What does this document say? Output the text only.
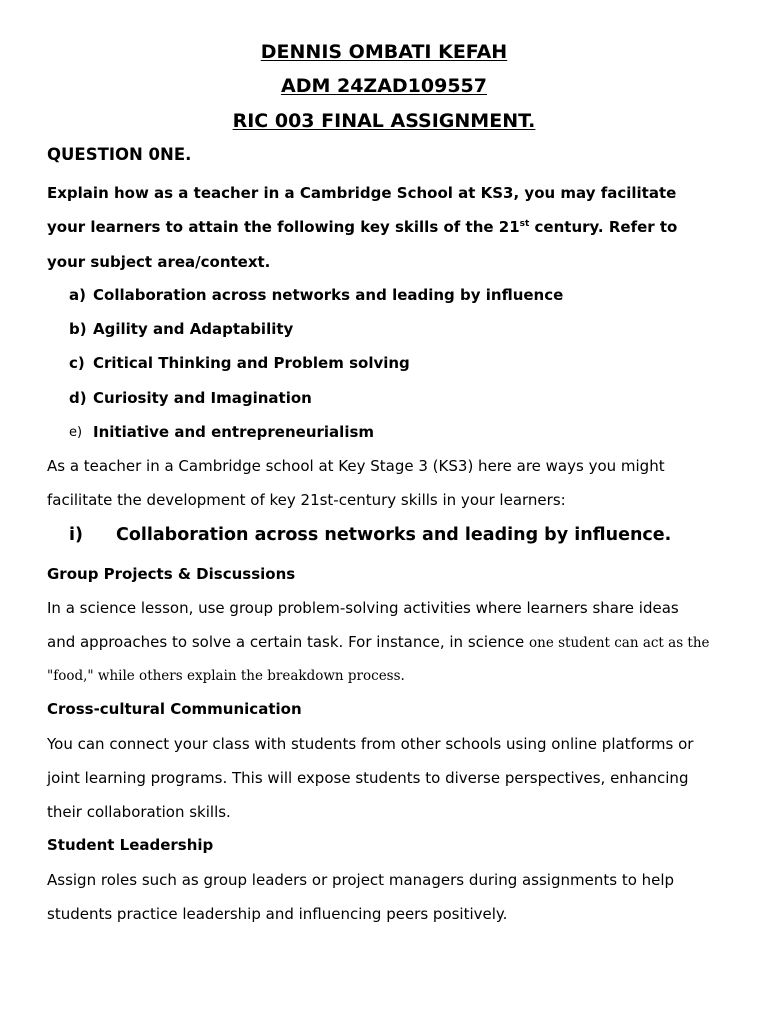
DENNIS OMBATI KEFAH

ADM 24ZAD109557

RIC 003 FINAL ASSIGNMENT.

QUESTION 0NE.

Explain how as a teacher in a Cambridge School at KS3, you may facilitate

your learners to attain the following key skills of the 21st century. Refer to

your subject area/context.

a) Collaboration across networks and leading by influence
b) Agility and Adaptability
c) Critical Thinking and Problem solving
d) Curiosity and Imagination
e) Initiative and entrepreneurialism

As a teacher in a Cambridge school at Key Stage 3 (KS3) here are ways you might

facilitate the development of key 21st-century skills in your learners:

i) Collaboration across networks and leading by influence.

Group Projects & Discussions

In a science lesson, use group problem-solving activities where learners share ideas

and approaches to solve a certain task. For instance, in science one student can act as the

"food," while others explain the breakdown process.

Cross-cultural Communication

You can connect your class with students from other schools using online platforms or

joint learning programs. This will expose students to diverse perspectives, enhancing

their collaboration skills.

Student Leadership

Assign roles such as group leaders or project managers during assignments to help

students practice leadership and influencing peers positively.
